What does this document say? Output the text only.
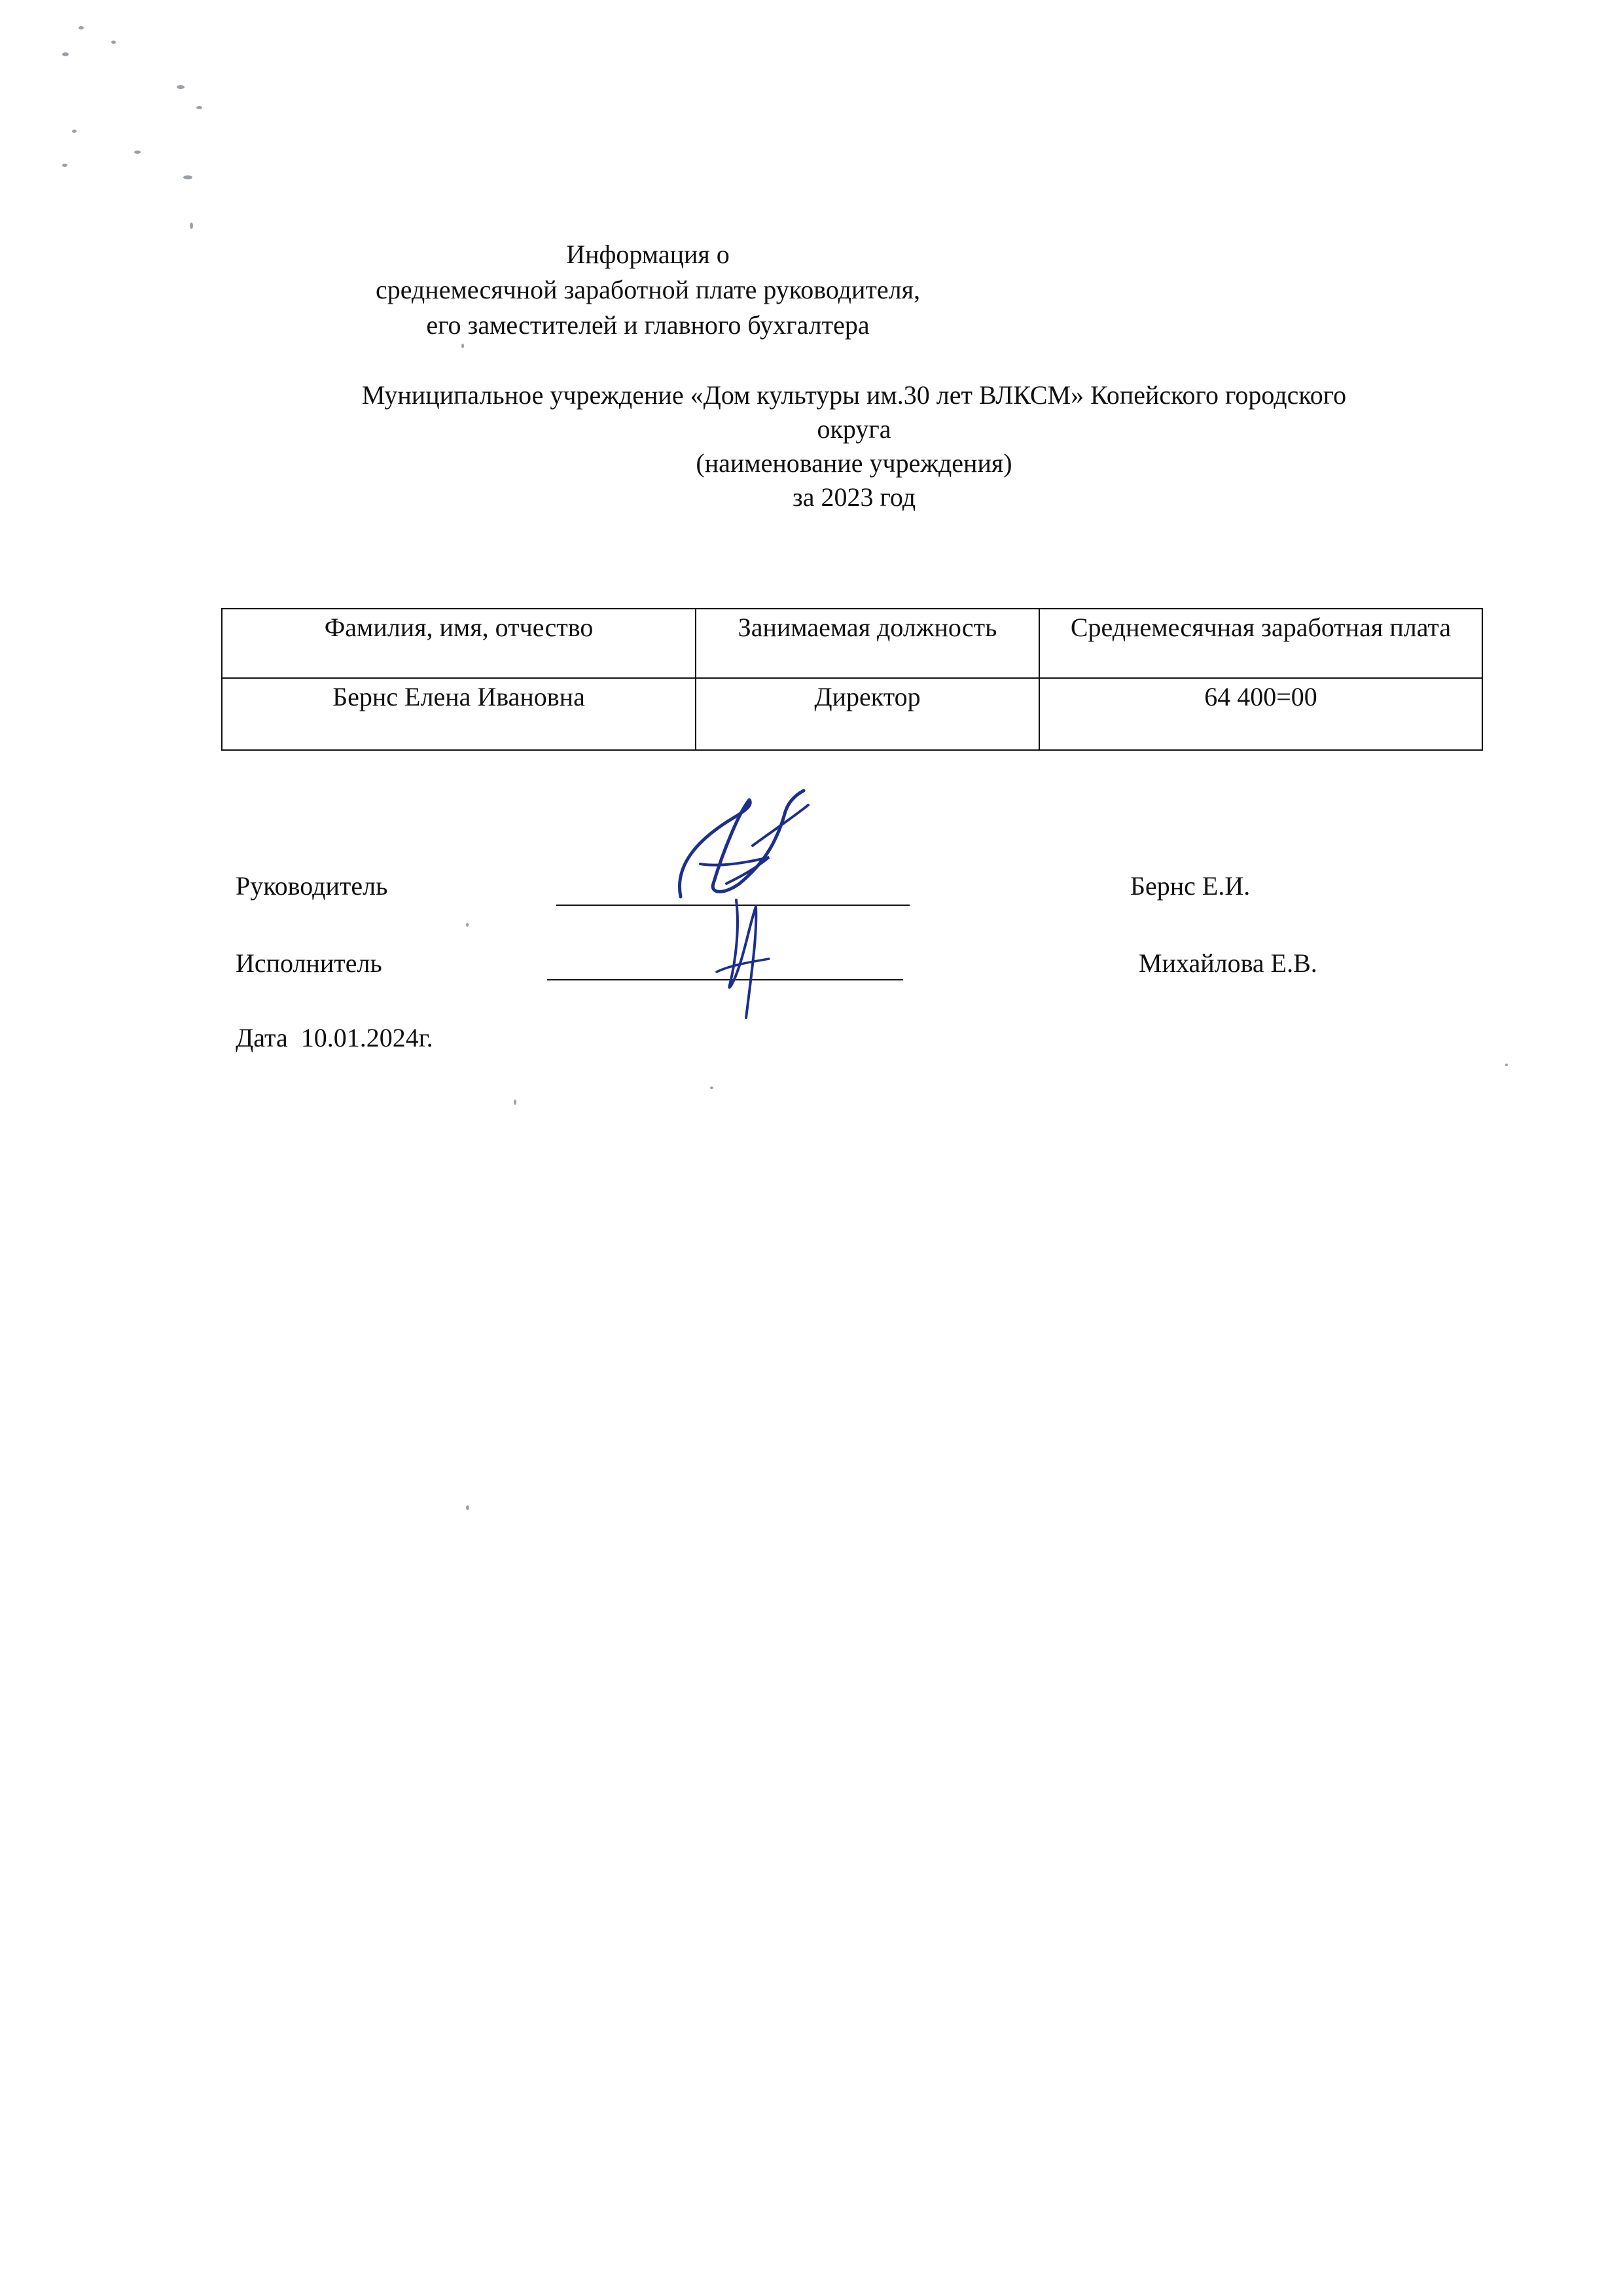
Информация о
среднемесячной заработной плате руководителя,
его заместителей и главного бухгалтера
Муниципальное учреждение «Дом культуры им.30 лет ВЛКСМ» Копейского городского
округа
(наименование учреждения)
за 2023 год
Фамилия, имя, отчество	Занимаемая должность	Среднемесячная заработная плата
Бернс Елена Ивановна	Директор	64 400=00
Руководитель	Бернс Е.И.
Исполнитель	Михайлова Е.В.
Дата  10.01.2024г.
